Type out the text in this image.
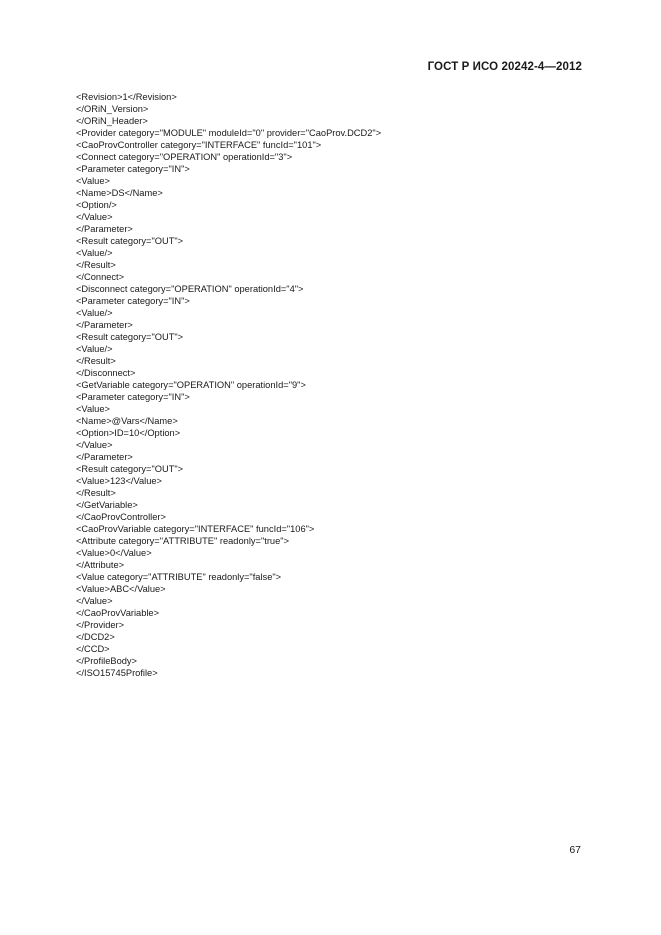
ГОСТ Р ИСО 20242-4—2012
<Revision>1</Revision>
</ORiN_Version>
</ORiN_Header>
<Provider category="MODULE" moduleId="0" provider="CaoProv.DCD2">
<CaoProvController category="INTERFACE" funcId="101">
<Connect category="OPERATION" operationId="3">
<Parameter category="IN">
<Value>
<Name>DS</Name>
<Option/>
</Value>
</Parameter>
<Result category="OUT">
<Value/>
</Result>
</Connect>
<Disconnect category="OPERATION" operationId="4">
<Parameter category="IN">
<Value/>
</Parameter>
<Result category="OUT">
<Value/>
</Result>
</Disconnect>
<GetVariable category="OPERATION" operationId="9">
<Parameter category="IN">
<Value>
<Name>@Vars</Name>
<Option>ID=10</Option>
</Value>
</Parameter>
<Result category="OUT">
<Value>123</Value>
</Result>
</GetVariable>
</CaoProvController>
<CaoProvVariable category="INTERFACE" funcId="106">
<Attribute category="ATTRIBUTE" readonly="true">
<Value>0</Value>
</Attribute>
<Value category="ATTRIBUTE" readonly="false">
<Value>ABC</Value>
</Value>
</CaoProvVariable>
</Provider>
</DCD2>
</CCD>
</ProfileBody>
</ISO15745Profile>
67
